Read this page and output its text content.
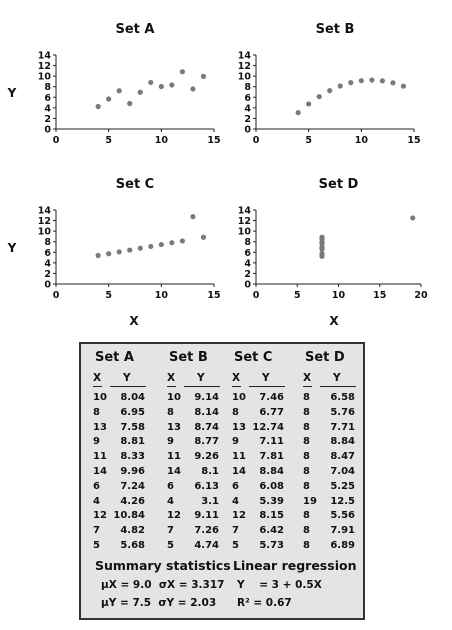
Set A
0
2
4
6
8
10
12
14
0	5	10	15
Y
Set B
0
2
4
6
8
10
12
14
0	5	10	15
Set C
0
2
4
6
8
10
12
14
0	5	10	15
Y
X
Set D
0
2
4
6
8
10
12
14
0	5	10	15	20
X
Set A
X Y
10	8.04
8	6.95
13	7.58
9	8.81
11	8.33
14	9.96
6	7.24
4	4.26
12 10.84
7	4.82
5	5.68
Set B
X Y
10	9.14
8	8.14
13	8.74
9	8.77
11	9.26
14	8.1
6	6.13
4	3.1
12	9.11
7	7.26
5	4.74
Set C
X Y
10	7.46
8	6.77
13 12.74
9	7.11
11	7.81
14	8.84
6	6.08
4	5.39
12	8.15
7	6.42
5	5.73
Set D
X Y
8	6.58
8	5.76
8	7.71
8	8.84
8	8.47
8	7.04
8	5.25
19	12.5
8	5.56
8	7.91
8	6.89
Summary statistics
μX = 9.0  σX = 3.317
μY = 7.5  σY = 2.03
Linear regression
Y    = 3 + 0.5X
R² = 0.67
